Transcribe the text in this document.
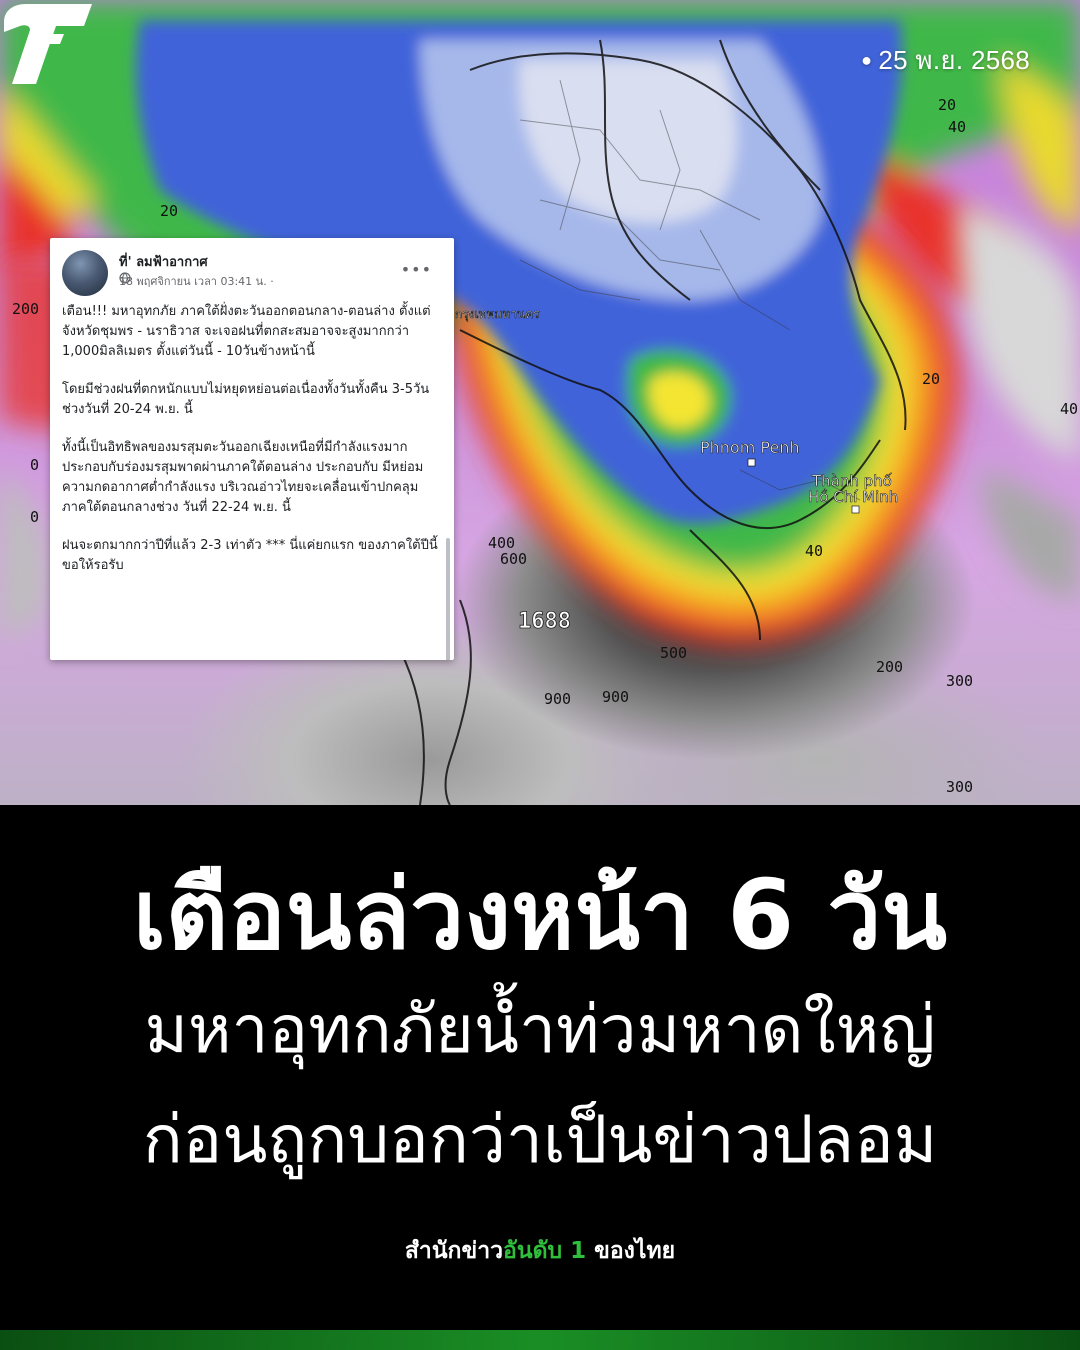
20
40
20
200
20
40
0
0
400
600
1688
500
900 900
200
300
300
40
Phnom Penh
Thành phố
Hồ Chí Minh
กรุงเทพมหานคร
● 25 พ.ย. 2568
ที่' ลมฟ้าอากาศ
18 พฤศจิกายน เวลา 03:41 น. ·
•••

เตือน!!! มหาอุทกภัย ภาคใต้ฝั่งตะวันออกตอนกลาง-ตอนล่าง ตั้งแต่จังหวัดชุมพร - นราธิวาส จะเจอฝนที่ตกสะสมอาจจะสูงมากกว่า 1,000มิลลิเมตร ตั้งแต่วันนี้ - 10วันข้างหน้านี้

โดยมีช่วงฝนที่ตกหนักแบบไม่หยุดหย่อนต่อเนื่องทั้งวันทั้งคืน 3-5วัน ช่วงวันที่ 20-24 พ.ย. นี้

ทั้งนี้เป็นอิทธิพลของมรสุมตะวันออกเฉียงเหนือที่มีกำลังแรงมาก ประกอบกับร่องมรสุมพาดผ่านภาคใต้ตอนล่าง ประกอบกับ มีหย่อมความกดอากาศต่ำกำลังแรง บริเวณอ่าวไทยจะเคลื่อนเข้าปกคลุมภาคใต้ตอนกลางช่วง วันที่ 22-24 พ.ย. นี้

ฝนจะตกมากกว่าปีที่แล้ว 2-3 เท่าตัว *** นี่แค่ยกแรก ของภาคใต้ปีนี้ ขอให้รอรับ

เตือนล่วงหน้า 6 วัน
มหาอุทกภัยน้ำท่วมหาดใหญ่
ก่อนถูกบอกว่าเป็นข่าวปลอม
สำนักข่าวอันดับ 1 ของไทย
